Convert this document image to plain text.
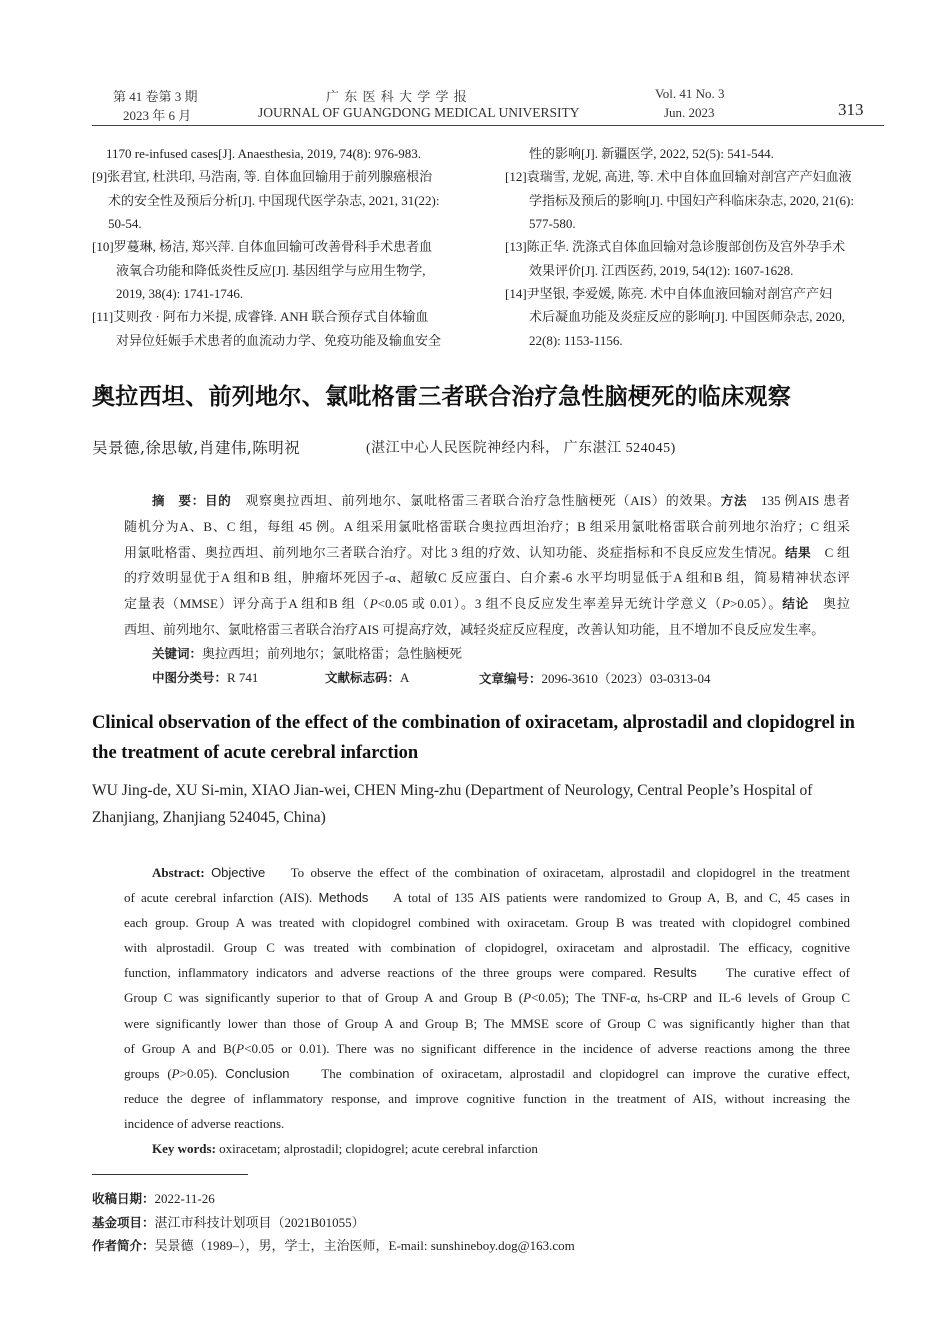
第 41 卷第 3 期
2023 年 6 月
广 东 医 科 大 学 学 报
JOURNAL OF GUANGDONG MEDICAL UNIVERSITY
Vol. 41 No. 3
Jun. 2023	313
1170 re-infused cases[J]. Anaesthesia, 2019, 74(8): 976-983.
[9]张君宜, 杜洪印, 马浩南, 等. 自体血回输用于前列腺癌根治
术的安全性及预后分析[J]. 中国现代医学杂志, 2021, 31(22):
50-54.
[10]罗蔓琳, 杨洁, 郑兴萍. 自体血回输可改善骨科手术患者血
液氧合功能和降低炎性反应[J]. 基因组学与应用生物学,
2019, 38(4): 1741-1746.
[11]艾则孜 · 阿布力米提, 成睿锋. ANH 联合预存式自体输血
对异位妊娠手术患者的血流动力学、免疫功能及输血安全
性的影响[J]. 新疆医学, 2022, 52(5): 541-544.
[12]袁瑞雪, 龙妮, 高进, 等. 术中自体血回输对剖宫产产妇血液
学指标及预后的影响[J]. 中国妇产科临床杂志, 2020, 21(6):
577-580.
[13]陈正华. 洗涤式自体血回输对急诊腹部创伤及宫外孕手术
效果评价[J]. 江西医药, 2019, 54(12): 1607-1628.
[14]尹坚银, 李爱媛, 陈亮. 术中自体血液回输对剖宫产产妇
术后凝血功能及炎症反应的影响[J]. 中国医师杂志, 2020,
22(8): 1153-1156.
奥拉西坦、前列地尔、氯吡格雷三者联合治疗急性脑梗死的临床观察
吴景德,徐思敏,肖建伟,陈明祝	(湛江中心人民医院神经内科， 广东湛江 524045)
摘　要：目的　观察奥拉西坦、前列地尔、氯吡格雷三者联合治疗急性脑梗死（AIS）的效果。方法　135 例AIS 患者
随机分为A、B、C 组，每组 45 例。A 组采用氯吡格雷联合奥拉西坦治疗；B 组采用氯吡格雷联合前列地尔治疗；C 组采
用氯吡格雷、奥拉西坦、前列地尔三者联合治疗。对比 3 组的疗效、认知功能、炎症指标和不良反应发生情况。结果　C 组
的疗效明显优于A 组和B 组，肿瘤坏死因子-α、超敏C 反应蛋白、白介素-6 水平均明显低于A 组和B 组，简易精神状态评
定量表（MMSE）评分高于A 组和B 组（P<0.05 或 0.01）。3 组不良反应发生率差异无统计学意义（P>0.05）。结论　奥拉
西坦、前列地尔、氯吡格雷三者联合治疗AIS 可提高疗效，减轻炎症反应程度，改善认知功能，且不增加不良反应发生率。
关键词：奥拉西坦；前列地尔；氯吡格雷；急性脑梗死
中图分类号：R 741	文献标志码：A	文章编号：2096-3610（2023）03-0313-04
Clinical observation of the effect of the combination of oxiracetam, alprostadil and clopidogrel in
the treatment of acute cerebral infarction
WU Jing-de, XU Si-min, XIAO Jian-wei, CHEN Ming-zhu (Department of Neurology, Central People’s Hospital of
Zhanjiang, Zhanjiang 524045, China)
Abstract: Objective To observe the effect of the combination of oxiracetam, alprostadil and clopidogrel in the treatment
of acute cerebral infarction (AIS). Methods A total of 135 AIS patients were randomized to Group A, B, and C, 45 cases in
each group. Group A was treated with clopidogrel combined with oxiracetam. Group B was treated with clopidogrel combined
with alprostadil. Group C was treated with combination of clopidogrel, oxiracetam and alprostadil. The efficacy, cognitive
function, inflammatory indicators and adverse reactions of the three groups were compared. Results The curative effect of
Group C was significantly superior to that of Group A and Group B (P<0.05); The TNF-α, hs-CRP and IL-6 levels of Group C
were significantly lower than those of Group A and Group B; The MMSE score of Group C was significantly higher than that
of Group A and B(P<0.05 or 0.01). There was no significant difference in the incidence of adverse reactions among the three
groups (P>0.05). Conclusion The combination of oxiracetam, alprostadil and clopidogrel can improve the curative effect,
reduce the degree of inflammatory response, and improve cognitive function in the treatment of AIS, without increasing the
incidence of adverse reactions.
Key words: oxiracetam; alprostadil; clopidogrel; acute cerebral infarction
收稿日期：2022-11-26
基金项目：湛江市科技计划项目（2021B01055）
作者简介：吴景德（1989–），男，学士，主治医师，E-mail: sunshineboy.dog@163.com
